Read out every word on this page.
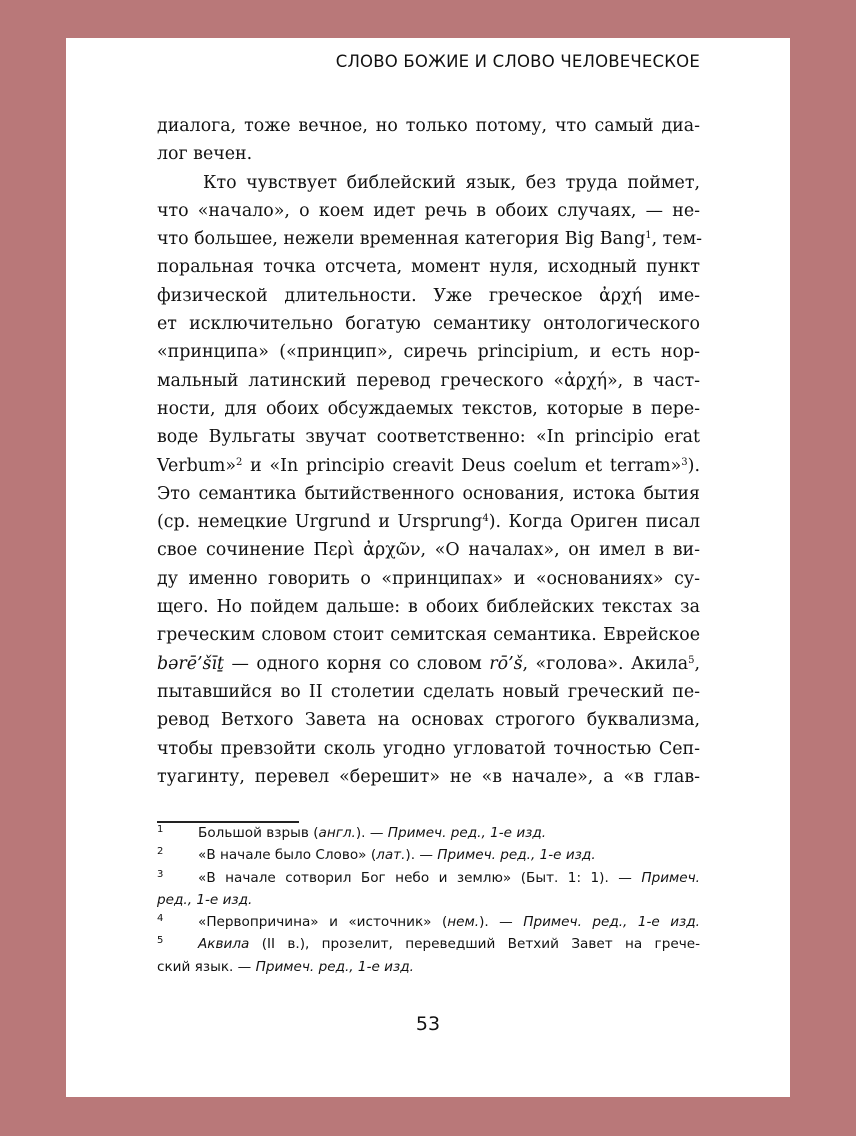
СЛОВО БОЖИЕ И СЛОВО ЧЕЛОВЕЧЕСКОЕ
диалога, тоже вечное, но только потому, что самый диа-
лог вечен.
Кто чувствует библейский язык, без труда поймет,
что «начало», о коем идет речь в обоих случаях, — не-
что большее, нежели временная категория Big Bang$^1$, тем-
поральная точка отсчета, момент нуля, исходный пункт
физической длительности. Уже греческое ἀρχή име-
ет исключительно богатую семантику онтологического
«принципа» («принцип», сиречь principium, и есть нор-
мальный латинский перевод греческого «ἀρχή», в част-
ности, для обоих обсуждаемых текстов, которые в пере-
воде Вульгаты звучат соответственно: «In principio erat
Verbum»$^2$ и «In principio creavit Deus coelum et terram»$^3$).
Это семантика бытийственного основания, истока бытия
(ср. немецкие Urgrund и Ursprung$^4$). Когда Ориген писал
свое сочинение Περὶ ἀρχῶν, «О началах», он имел в ви-
ду именно говорить о «принципах» и «основаниях» су-
щего. Но пойдем дальше: в обоих библейских текстах за
греческим словом стоит семитская семантика. Еврейское
bərē’šīṯ — одного корня со словом rō’š, «голова». Акила$^5$,
пытавшийся во II столетии сделать новый греческий пе-
ревод Ветхого Завета на основах строгого буквализма,
чтобы превзойти сколь угодно угловатой точностью Сеп-
туагинту, перевел «берешит» не «в начале», а «в глав-
1	Большой взрыв (англ.). — Примеч. ред., 1-е изд.
2	«В начале было Слово» (лат.). — Примеч. ред., 1-е изд.
3	«В начале сотворил Бог небо и землю» (Быт. 1: 1). — Примеч.
ред., 1-е изд.
4	«Первопричина» и «источник» (нем.). — Примеч. ред., 1-е изд.
5	Аквила (II в.), прозелит, переведший Ветхий Завет на грече-
ский язык. — Примеч. ред., 1-е изд.
53
